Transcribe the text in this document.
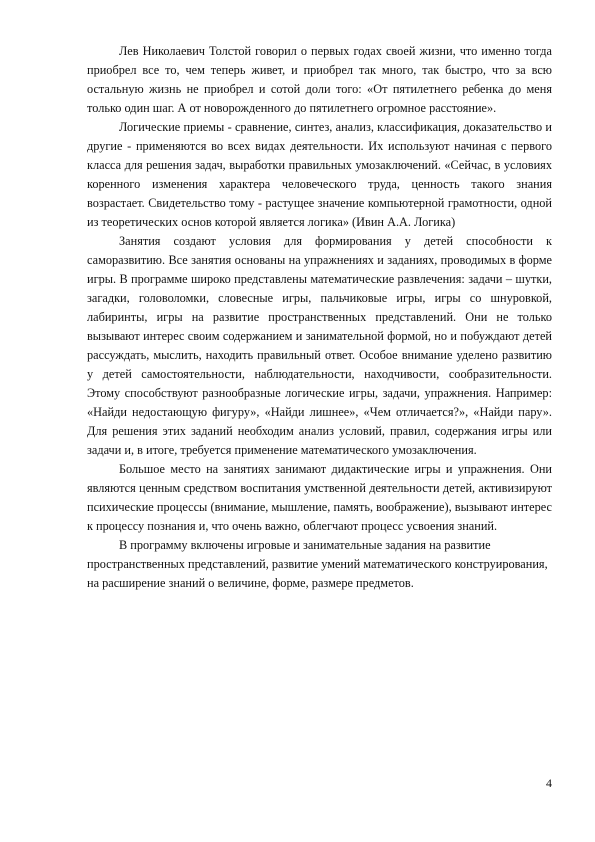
Лев Николаевич Толстой говорил о первых годах своей жизни, что именно тогда приобрел все то, чем теперь живет, и приобрел так много, так быстро, что за всю остальную жизнь не приобрел и сотой доли того: «От пятилетнего ребенка до меня только один шаг. А от новорожденного до пятилетнего огромное расстояние».

Логические приемы - сравнение, синтез, анализ, классификация, доказательство и другие - применяются во всех видах деятельности. Их используют начиная с первого класса для решения задач, выработки правильных умозаключений. «Сейчас, в условиях коренного изменения характера человеческого труда, ценность такого знания возрастает. Свидетельство тому - растущее значение компьютерной грамотности, одной из теоретических основ которой является логика» (Ивин А.А. Логика)

Занятия создают условия для формирования у детей способности к саморазвитию. Все занятия основаны на упражнениях и заданиях, проводимых в форме игры. В программе широко представлены математические развлечения: задачи – шутки, загадки, головоломки, словесные игры, пальчиковые игры, игры со шнуровкой, лабиринты, игры на развитие пространственных представлений. Они не только вызывают интерес своим содержанием и занимательной формой, но и побуждают детей рассуждать, мыслить, находить правильный ответ. Особое внимание уделено развитию у детей самостоятельности, наблюдательности, находчивости, сообразительности. Этому способствуют разнообразные логические игры, задачи, упражнения. Например: «Найди недостающую фигуру», «Найди лишнее», «Чем отличается?», «Найди пару». Для решения этих заданий необходим анализ условий, правил, содержания игры или задачи и, в итоге, требуется применение математического умозаключения.

Большое место на занятиях занимают дидактические игры и упражнения. Они являются ценным средством воспитания умственной деятельности детей, активизируют психические процессы (внимание, мышление, память, воображение), вызывают интерес к процессу познания и, что очень важно, облегчают процесс усвоения знаний.

В программу включены игровые и занимательные задания на развитие пространственных представлений, развитие умений математического конструирования, на расширение знаний о величине, форме, размере предметов.

4
